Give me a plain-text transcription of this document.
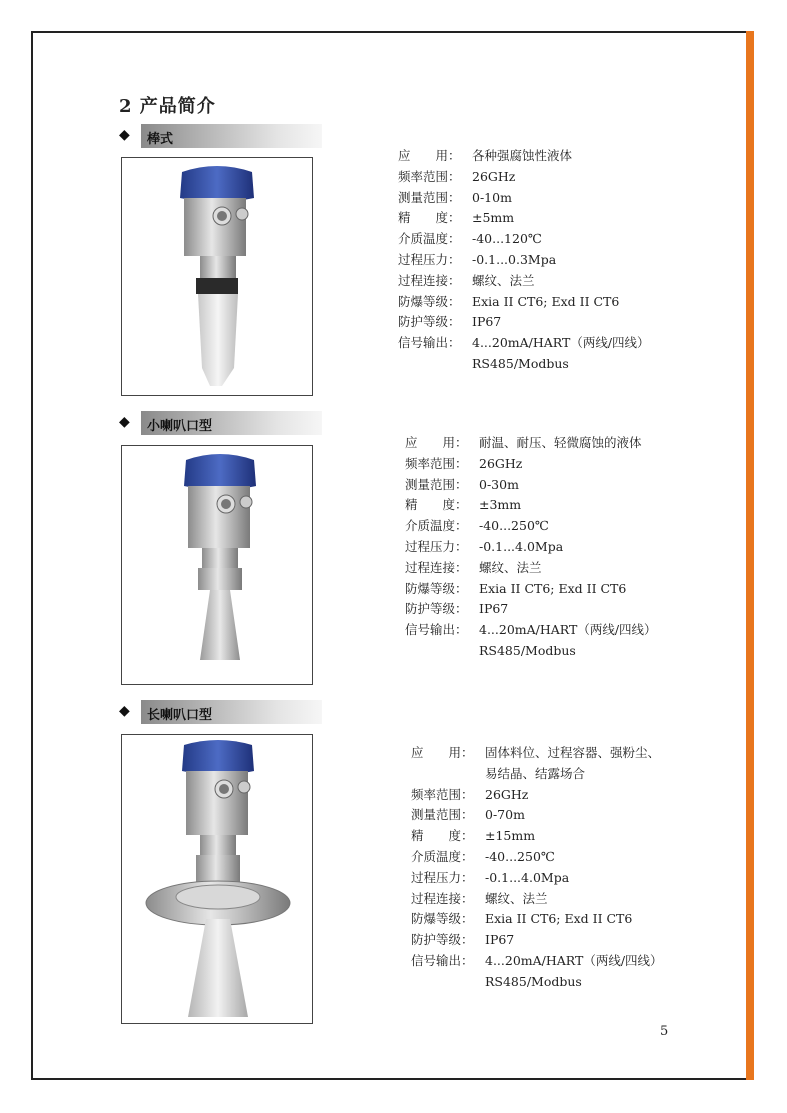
2 产品简介
◆ 棒式
应　　用： 各种强腐蚀性液体
频率范围： 26GHz
测量范围： 0-10m
精　　度： ±5mm
介质温度： -40...120℃
过程压力： -0.1...0.3Mpa
过程连接： 螺纹、法兰
防爆等级： Exia II CT6; Exd II CT6
防护等级： IP67
信号输出： 4...20mA/HART（两线/四线）
RS485/Modbus
◆ 小喇叭口型
应　　用： 耐温、耐压、轻微腐蚀的液体
频率范围： 26GHz
测量范围： 0-30m
精　　度： ±3mm
介质温度： -40...250℃
过程压力： -0.1...4.0Mpa
过程连接： 螺纹、法兰
防爆等级： Exia II CT6; Exd II CT6
防护等级： IP67
信号输出： 4...20mA/HART（两线/四线）
RS485/Modbus
◆ 长喇叭口型
应　　用： 固体料位、过程容器、强粉尘、
易结晶、结露场合
频率范围： 26GHz
测量范围： 0-70m
精　　度： ±15mm
介质温度： -40...250℃
过程压力： -0.1...4.0Mpa
过程连接： 螺纹、法兰
防爆等级： Exia II CT6; Exd II CT6
防护等级： IP67
信号输出： 4...20mA/HART（两线/四线）
RS485/Modbus
5
